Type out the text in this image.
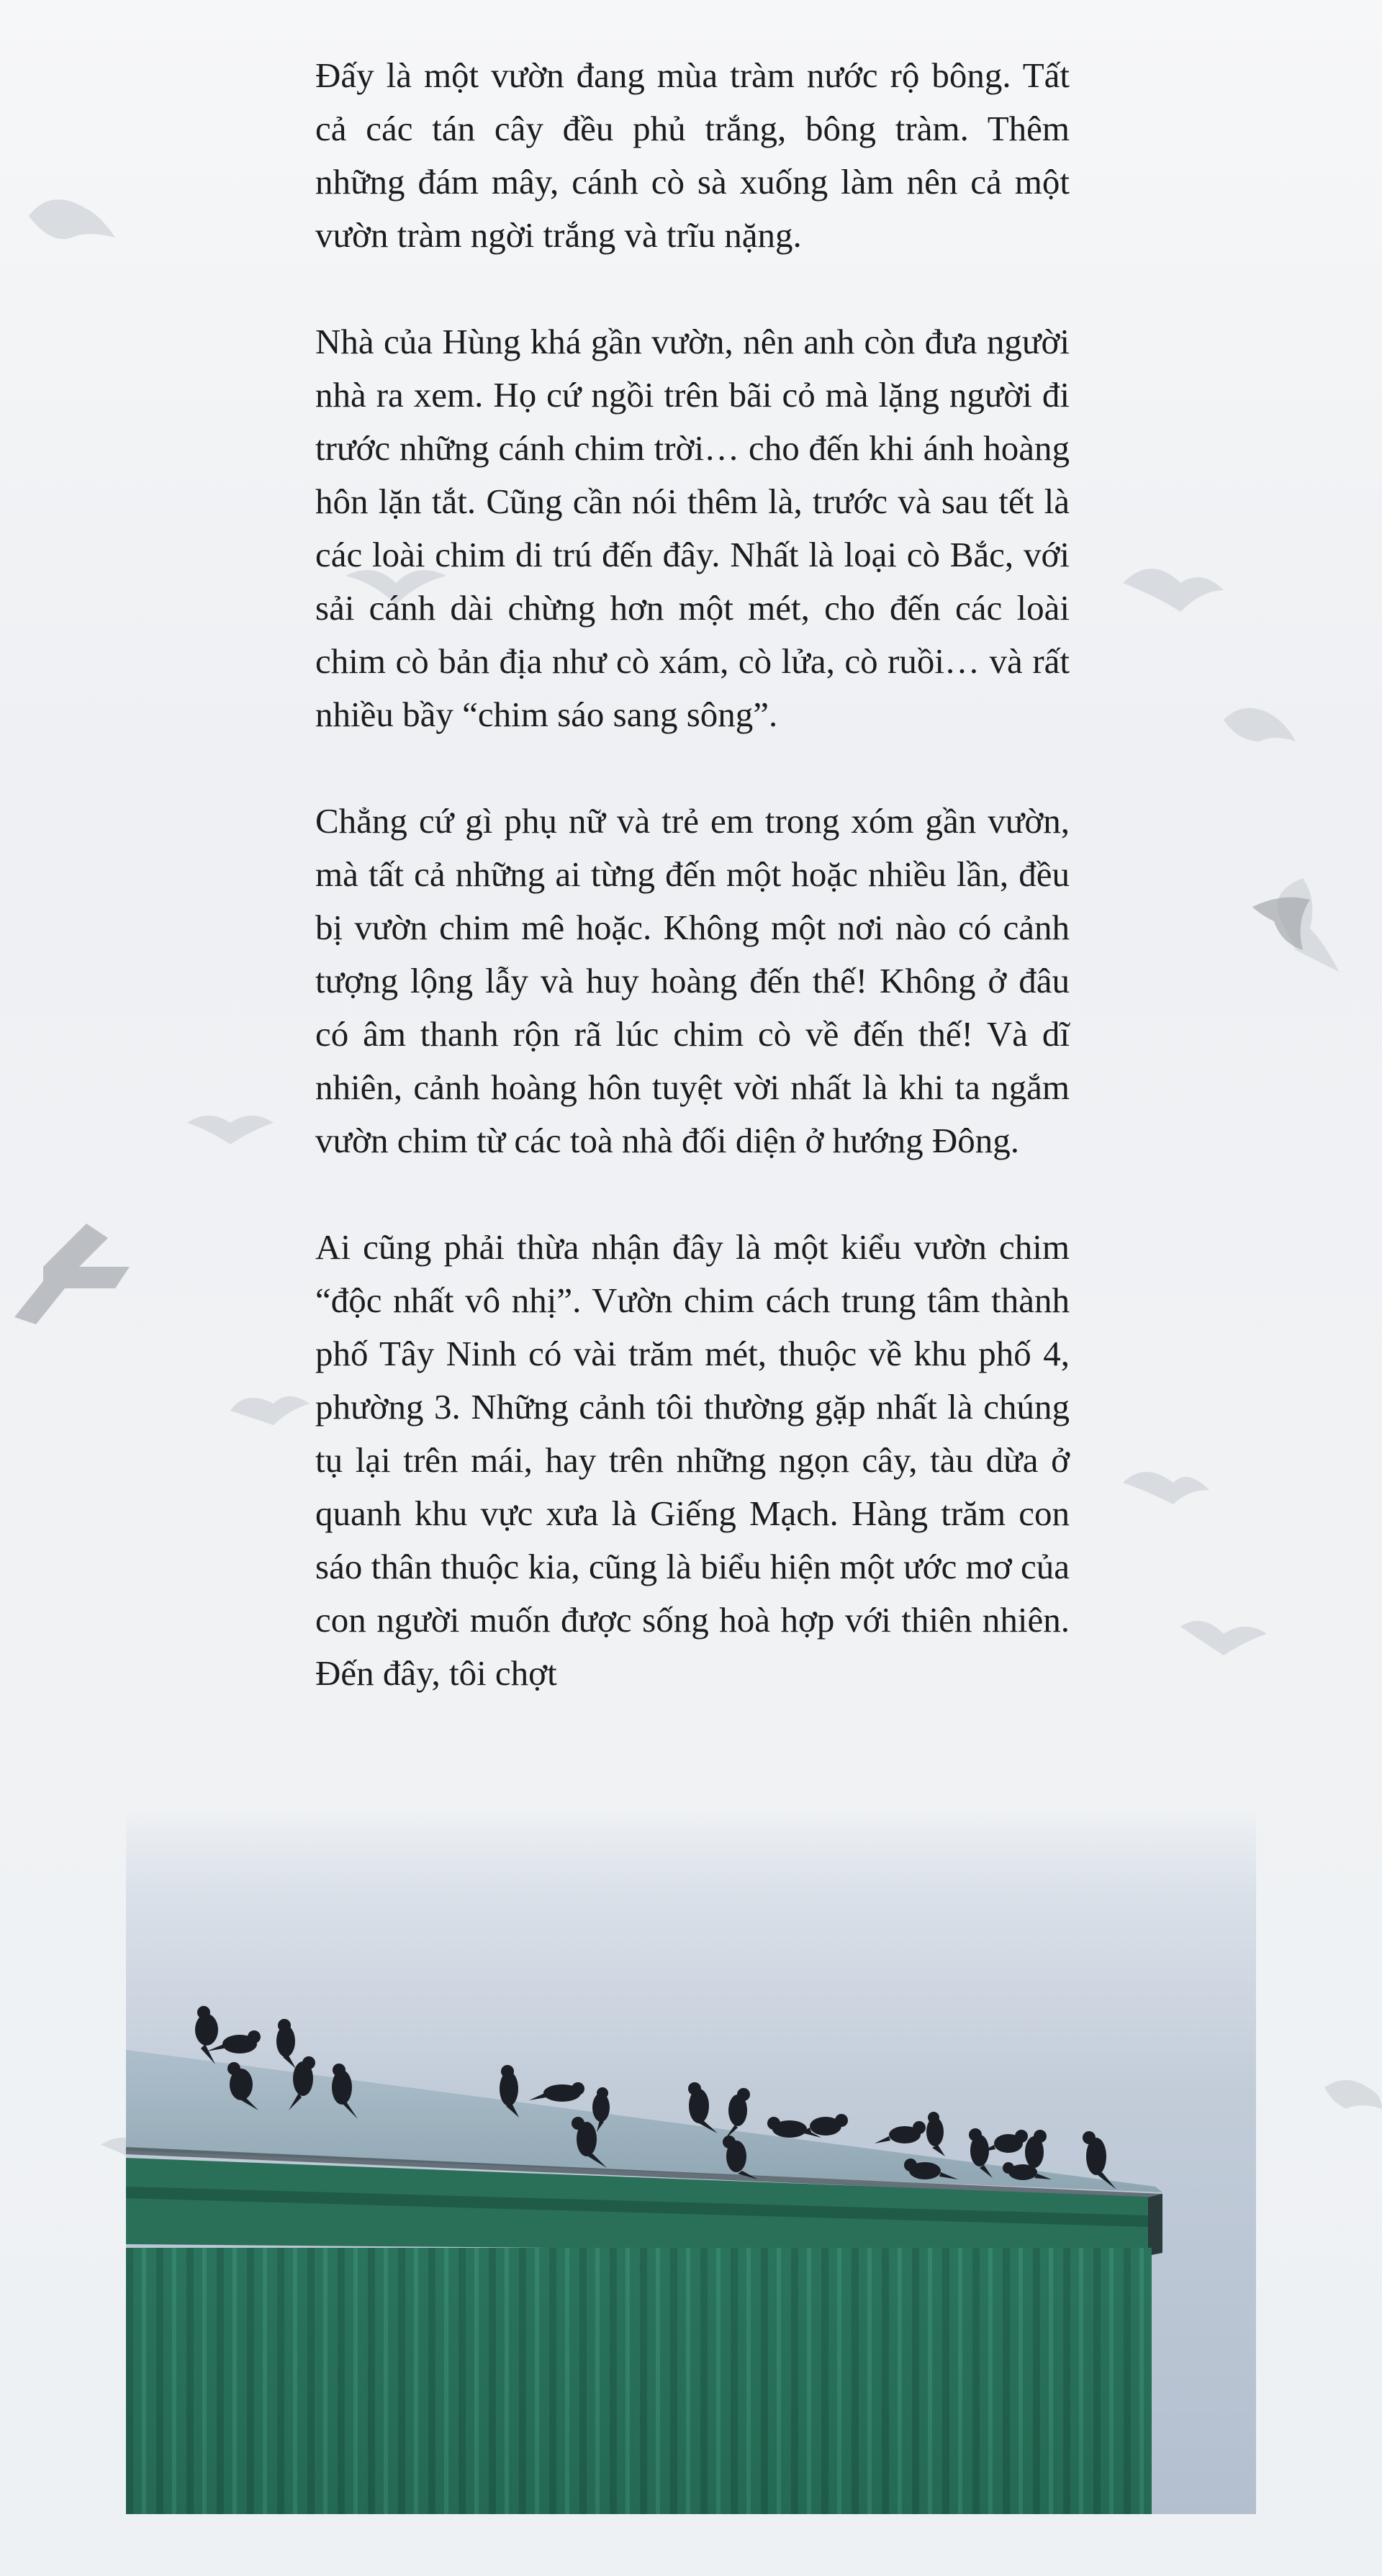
Đấy là một vườn đang mùa tràm nước rộ bông. Tất cả các tán cây đều phủ trắng, bông tràm. Thêm những đám mây, cánh cò sà xuống làm nên cả một vườn tràm ngời trắng và trĩu nặng.

Nhà của Hùng khá gần vườn, nên anh còn đưa người nhà ra xem. Họ cứ ngồi trên bãi cỏ mà lặng người đi trước những cánh chim trời… cho đến khi ánh hoàng hôn lặn tắt. Cũng cần nói thêm là, trước và sau tết là các loài chim di trú đến đây. Nhất là loại cò Bắc, với sải cánh dài chừng hơn một mét, cho đến các loài chim cò bản địa như cò xám, cò lửa, cò ruồi… và rất nhiều bầy “chim sáo sang sông”.

Chẳng cứ gì phụ nữ và trẻ em trong xóm gần vườn, mà tất cả những ai từng đến một hoặc nhiều lần, đều bị vườn chim mê hoặc. Không một nơi nào có cảnh tượng lộng lẫy và huy hoàng đến thế! Không ở đâu có âm thanh rộn rã lúc chim cò về đến thế! Và dĩ nhiên, cảnh hoàng hôn tuyệt vời nhất là khi ta ngắm vườn chim từ các toà nhà đối diện ở hướng Đông.

Ai cũng phải thừa nhận đây là một kiểu vườn chim “độc nhất vô nhị”. Vườn chim cách trung tâm thành phố Tây Ninh có vài trăm mét, thuộc về khu phố 4, phường 3. Những cảnh tôi thường gặp nhất là chúng tụ lại trên mái, hay trên những ngọn cây, tàu dừa ở quanh khu vực xưa là Giếng Mạch. Hàng trăm con sáo thân thuộc kia, cũng là biểu hiện một ước mơ của con người muốn được sống hoà hợp với thiên nhiên. Đến đây, tôi chợt
